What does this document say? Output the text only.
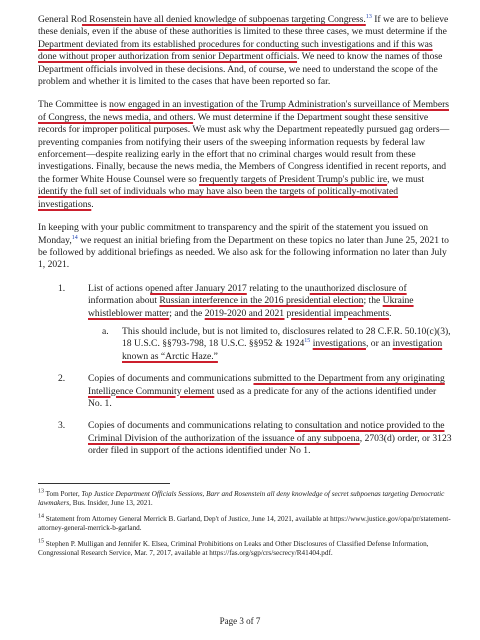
General Rod Rosenstein have all denied knowledge of subpoenas targeting Congress.$^{13}$ If we are to believe these denials, even if the abuse of these authorities is limited to these three cases, we must determine if the Department deviated from its established procedures for conducting such investigations and if this was done without proper authorization from senior Department officials. We need to know the names of those Department officials involved in these decisions. And, of course, we need to understand the scope of the problem and whether it is limited to the cases that have been reported so far.

The Committee is now engaged in an investigation of the Trump Administration's surveillance of Members of Congress, the news media, and others. We must determine if the Department sought these sensitive records for improper political purposes. We must ask why the Department repeatedly pursued gag orders—preventing companies from notifying their users of the sweeping information requests by federal law enforcement—despite realizing early in the effort that no criminal charges would result from these investigations. Finally, because the news media, the Members of Congress identified in recent reports, and the former White House Counsel were so frequently targets of President Trump's public ire, we must identify the full set of individuals who may have also been the targets of politically-motivated investigations.

In keeping with your public commitment to transparency and the spirit of the statement you issued on Monday,$^{14}$ we request an initial briefing from the Department on these topics no later than June 25, 2021 to be followed by additional briefings as needed. We also ask for the following information no later than July 1, 2021.

1.	List of actions opened after January 2017 relating to the unauthorized disclosure of information about Russian interference in the 2016 presidential election; the Ukraine whistleblower matter; and the 2019-2020 and 2021 presidential impeachments.

a.	This should include, but is not limited to, disclosures related to 28 C.F.R. 50.10(c)(3), 18 U.S.C. §§793-798, 18 U.S.C. §§952 & 1924$^{15}$ investigations, or an investigation known as “Arctic Haze.”

2.	Copies of documents and communications submitted to the Department from any originating Intelligence Community element used as a predicate for any of the actions identified under No. 1.

3.	Copies of documents and communications relating to consultation and notice provided to the Criminal Division of the authorization of the issuance of any subpoena, 2703(d) order, or 3123 order filed in support of the actions identified under No 1.

$^{13}$ Tom Porter, Top Justice Department Officials Sessions, Barr and Rosenstein all deny knowledge of secret subpoenas targeting Democratic lawmakers, Bus. Insider, June 13, 2021.

$^{14}$ Statement from Attorney General Merrick B. Garland, Dep't of Justice, June 14, 2021, available at https://www.justice.gov/opa/pr/statement-attorney-general-merrick-b-garland.

$^{15}$ Stephen P. Mulligan and Jennifer K. Elsea, Criminal Prohibitions on Leaks and Other Disclosures of Classified Defense Information, Congressional Research Service, Mar. 7, 2017, available at https://fas.org/sgp/crs/secrecy/R41404.pdf.

Page 3 of 7
